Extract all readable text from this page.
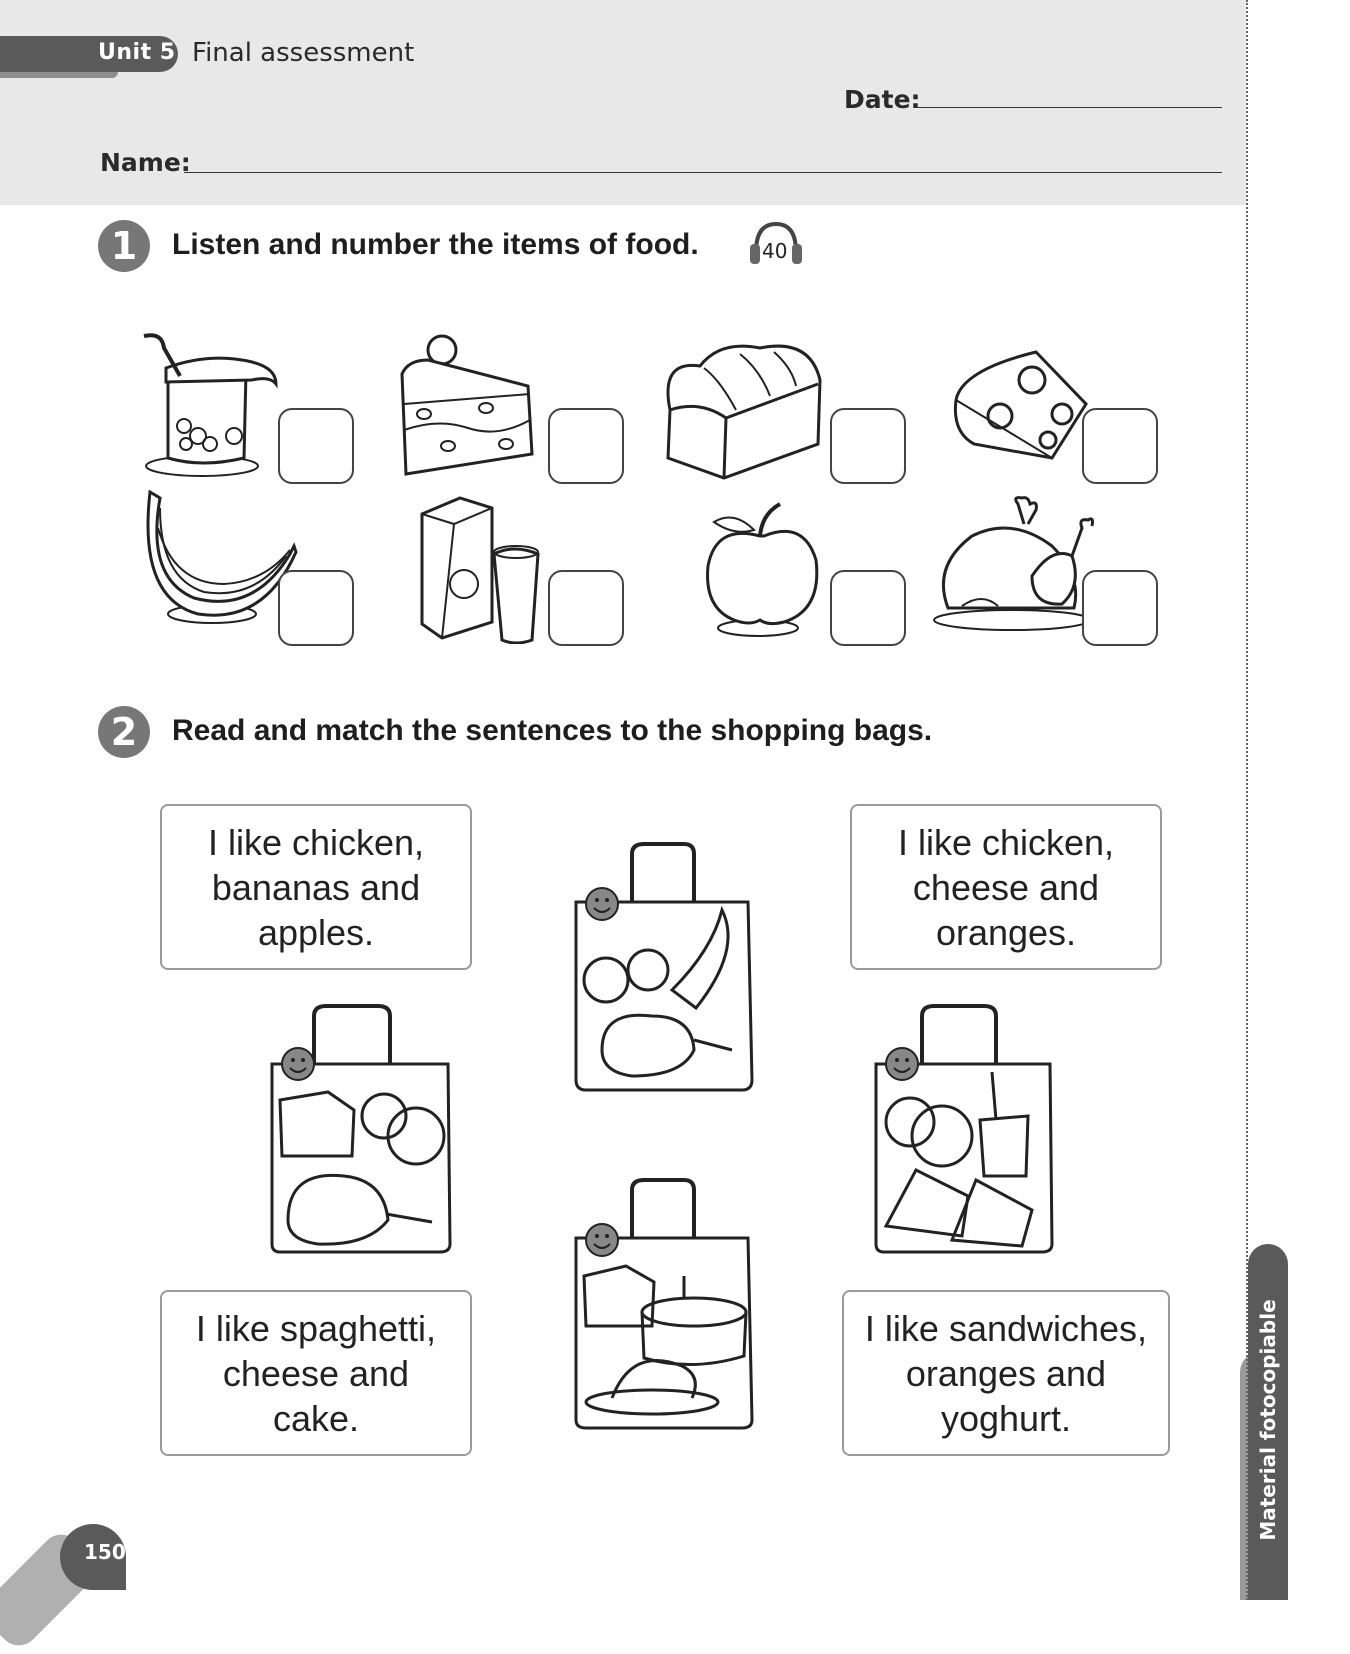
Unit 5 Final assessment
Date:
Name:
1	Listen and number the items of food.	40
2	Read and match the sentences to the shopping bags.
I like chicken,
bananas and
apples.
I like chicken,
cheese and
oranges.
I like spaghetti,
cheese and
cake.
I like sandwiches,
oranges and
yoghurt.	Material fotocopiable
150
